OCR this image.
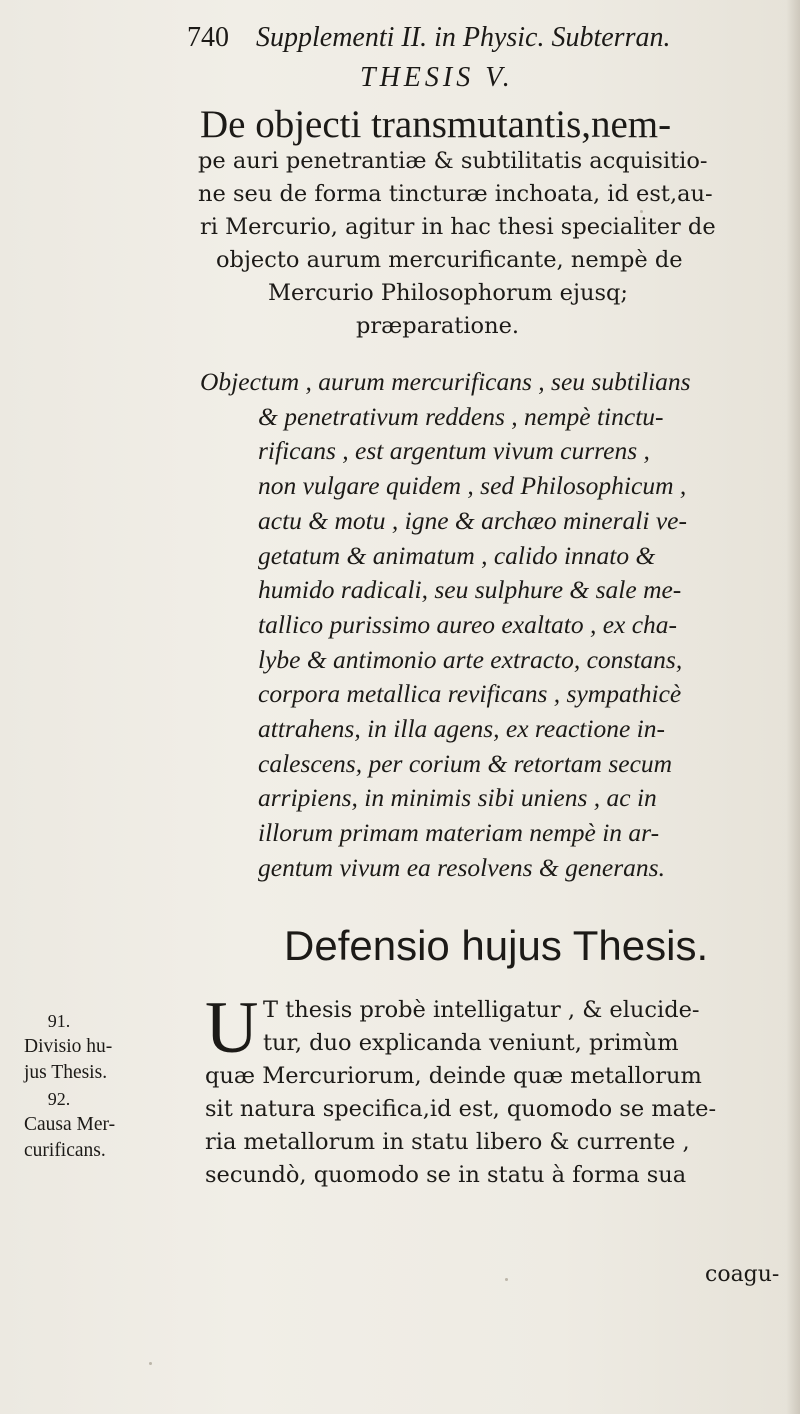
740 Supplementi II. in Physic. Subterran.
THESIS V.
De objecti transmutantis,nem-
pe auri penetrantiæ & subtilitatis acquisitio-
ne seu de forma tincturæ inchoata, id est,au-
ri Mercurio, agitur in hac thesi specialiter de
objecto aurum mercurificante, nempè de
Mercurio Philosophorum ejusq;
præparatione.
Objectum , aurum mercurificans , seu subtilians
& penetrativum reddens , nempè tinctu-
rificans , est argentum vivum currens ,
non vulgare quidem , sed Philosophicum ,
actu & motu , igne & archæo minerali ve-
getatum & animatum , calido innato &
humido radicali, seu sulphure & sale me-
tallico purissimo aureo exaltato , ex cha-
lybe & antimonio arte extracto, constans,
corpora metallica revificans , sympathicè
attrahens, in illa agens, ex reactione in-
calescens, per corium & retortam secum
arripiens, in minimis sibi uniens , ac in
illorum primam materiam nempè in ar-
gentum vivum ea resolvens & generans.
Defensio hujus Thesis.
U T thesis probè intelligatur , & elucide-
tur, duo explicanda veniunt, primùm
quæ Mercuriorum, deinde quæ metallorum
sit natura specifica,id est, quomodo se mate-
ria metallorum in statu libero & currente ,
secundò, quomodo se in statu à forma sua
coagu-
91.
Divisio hu-
jus Thesis.
92.
Causa Mer-
curificans.
